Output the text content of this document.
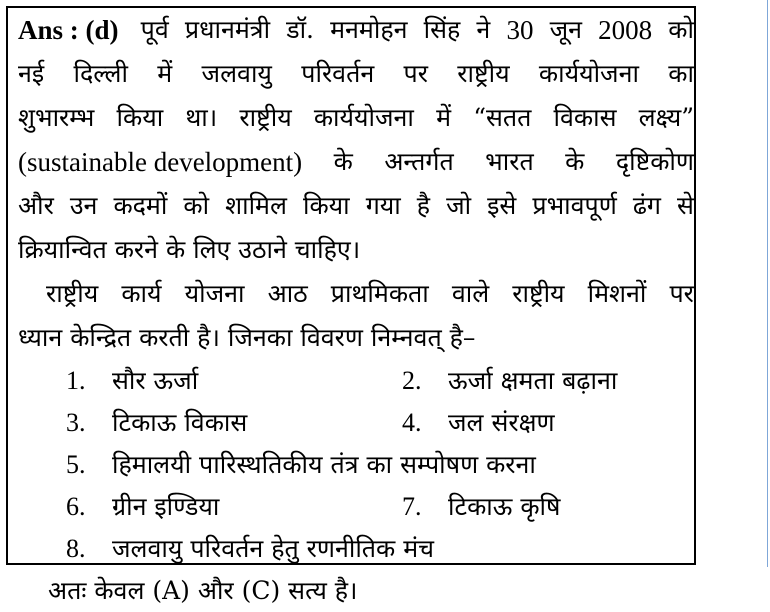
Ans : (d) पूर्व प्रधानमंत्री डॉ. मनमोहन सिंह ने 30 जून 2008 को
नई दिल्ली में जलवायु परिवर्तन पर राष्ट्रीय कार्ययोजना का
शुभारम्भ किया था। राष्ट्रीय कार्ययोजना में “सतत विकास लक्ष्य”
(sustainable development) के अन्तर्गत भारत के दृष्टिकोण
और उन कदमों को शामिल किया गया है जो इसे प्रभावपूर्ण ढंग से
क्रियान्वित करने के लिए उठाने चाहिए।
राष्ट्रीय कार्य योजना आठ प्राथमिकता वाले राष्ट्रीय मिशनों पर
ध्यान केन्द्रित करती है। जिनका विवरण निम्नवत् है–
1. सौर ऊर्जा	2. ऊर्जा क्षमता बढ़ाना
3. टिकाऊ विकास	4. जल संरक्षण
5. हिमालयी पारिस्थतिकीय तंत्र का सम्पोषण करना
6. ग्रीन इण्डिया	7. टिकाऊ कृषि
8. जलवायु परिवर्तन हेतु रणनीतिक मंच
अतः केवल (A) और (C) सत्य है।
